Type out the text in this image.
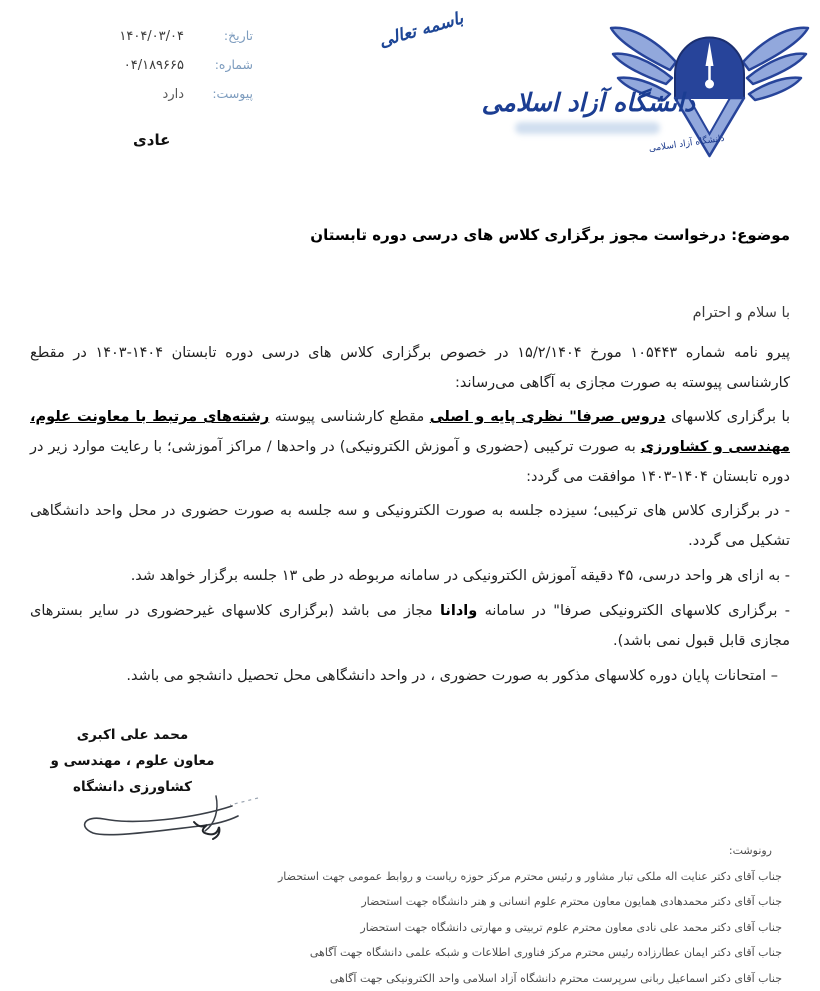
تاریخ:
۱۴۰۴/۰۳/۰۴
شماره:
۰۴/۱۸۹۶۶۵
پیوست:
دارد
عادی
باسمه تعالی
دانشگاه آزاد اسلامی
دانشگاه آزاد اسلامی

موضوع: درخواست مجوز برگزاری کلاس های درسی دوره تابستان

با سلام و احترام

پیرو نامه شماره ۱۰۵۴۴۳ مورخ ۱۵/۲/۱۴۰۴ در خصوص برگزاری کلاس های درسی دوره تابستان ۱۴۰۴-۱۴۰۳ در مقطع کارشناسی پیوسته به صورت مجازی به آگاهی می‌رساند:

با برگزاری کلاسهای دروس صرفا" نظری پایه و اصلی مقطع کارشناسی پیوسته رشته‌های مرتبط با معاونت علوم، مهندسی و کشاورزی به صورت ترکیبی (حضوری و آموزش الکترونیکی) در واحدها / مراکز آموزشی؛ با رعایت موارد زیر در دوره تابستان ۱۴۰۴-۱۴۰۳ موافقت می گردد:

- در برگزاری کلاس های ترکیبی؛ سیزده جلسه به صورت الکترونیکی و سه جلسه به صورت حضوری در محل واحد دانشگاهی تشکیل می گردد.

- به ازای هر واحد درسی، ۴۵ دقیقه آموزش الکترونیکی در سامانه مربوطه در طی ۱۳ جلسه برگزار خواهد شد.

- برگزاری کلاسهای الکترونیکی صرفا" در سامانه وادانا مجاز می باشد (برگزاری کلاسهای غیرحضوری در سایر بسترهای مجازی قابل قبول نمی باشد).

– امتحانات پایان دوره کلاسهای مذکور به صورت حضوری ، در واحد دانشگاهی محل تحصیل دانشجو می باشد.

محمد علی اکبری
معاون علوم ، مهندسی و کشاورزی دانشگاه
رونوشت:
جناب آقای دکتر عنایت اله ملکی تبار مشاور و رئیس محترم مرکز حوزه ریاست و روابط عمومی جهت استحضار
جناب آقای دکتر محمدهادی همایون معاون محترم علوم انسانی و هنر دانشگاه جهت استحضار
جناب آقای دکتر محمد علی نادی معاون محترم علوم تربیتی و مهارتی دانشگاه جهت استحضار
جناب آقای دکتر ایمان عطارزاده رئیس محترم مرکز فناوری اطلاعات و شبکه علمی دانشگاه جهت آگاهی
جناب آقای دکتر اسماعیل ربانی سرپرست محترم دانشگاه آزاد اسلامی واحد الکترونیکی جهت آگاهی
